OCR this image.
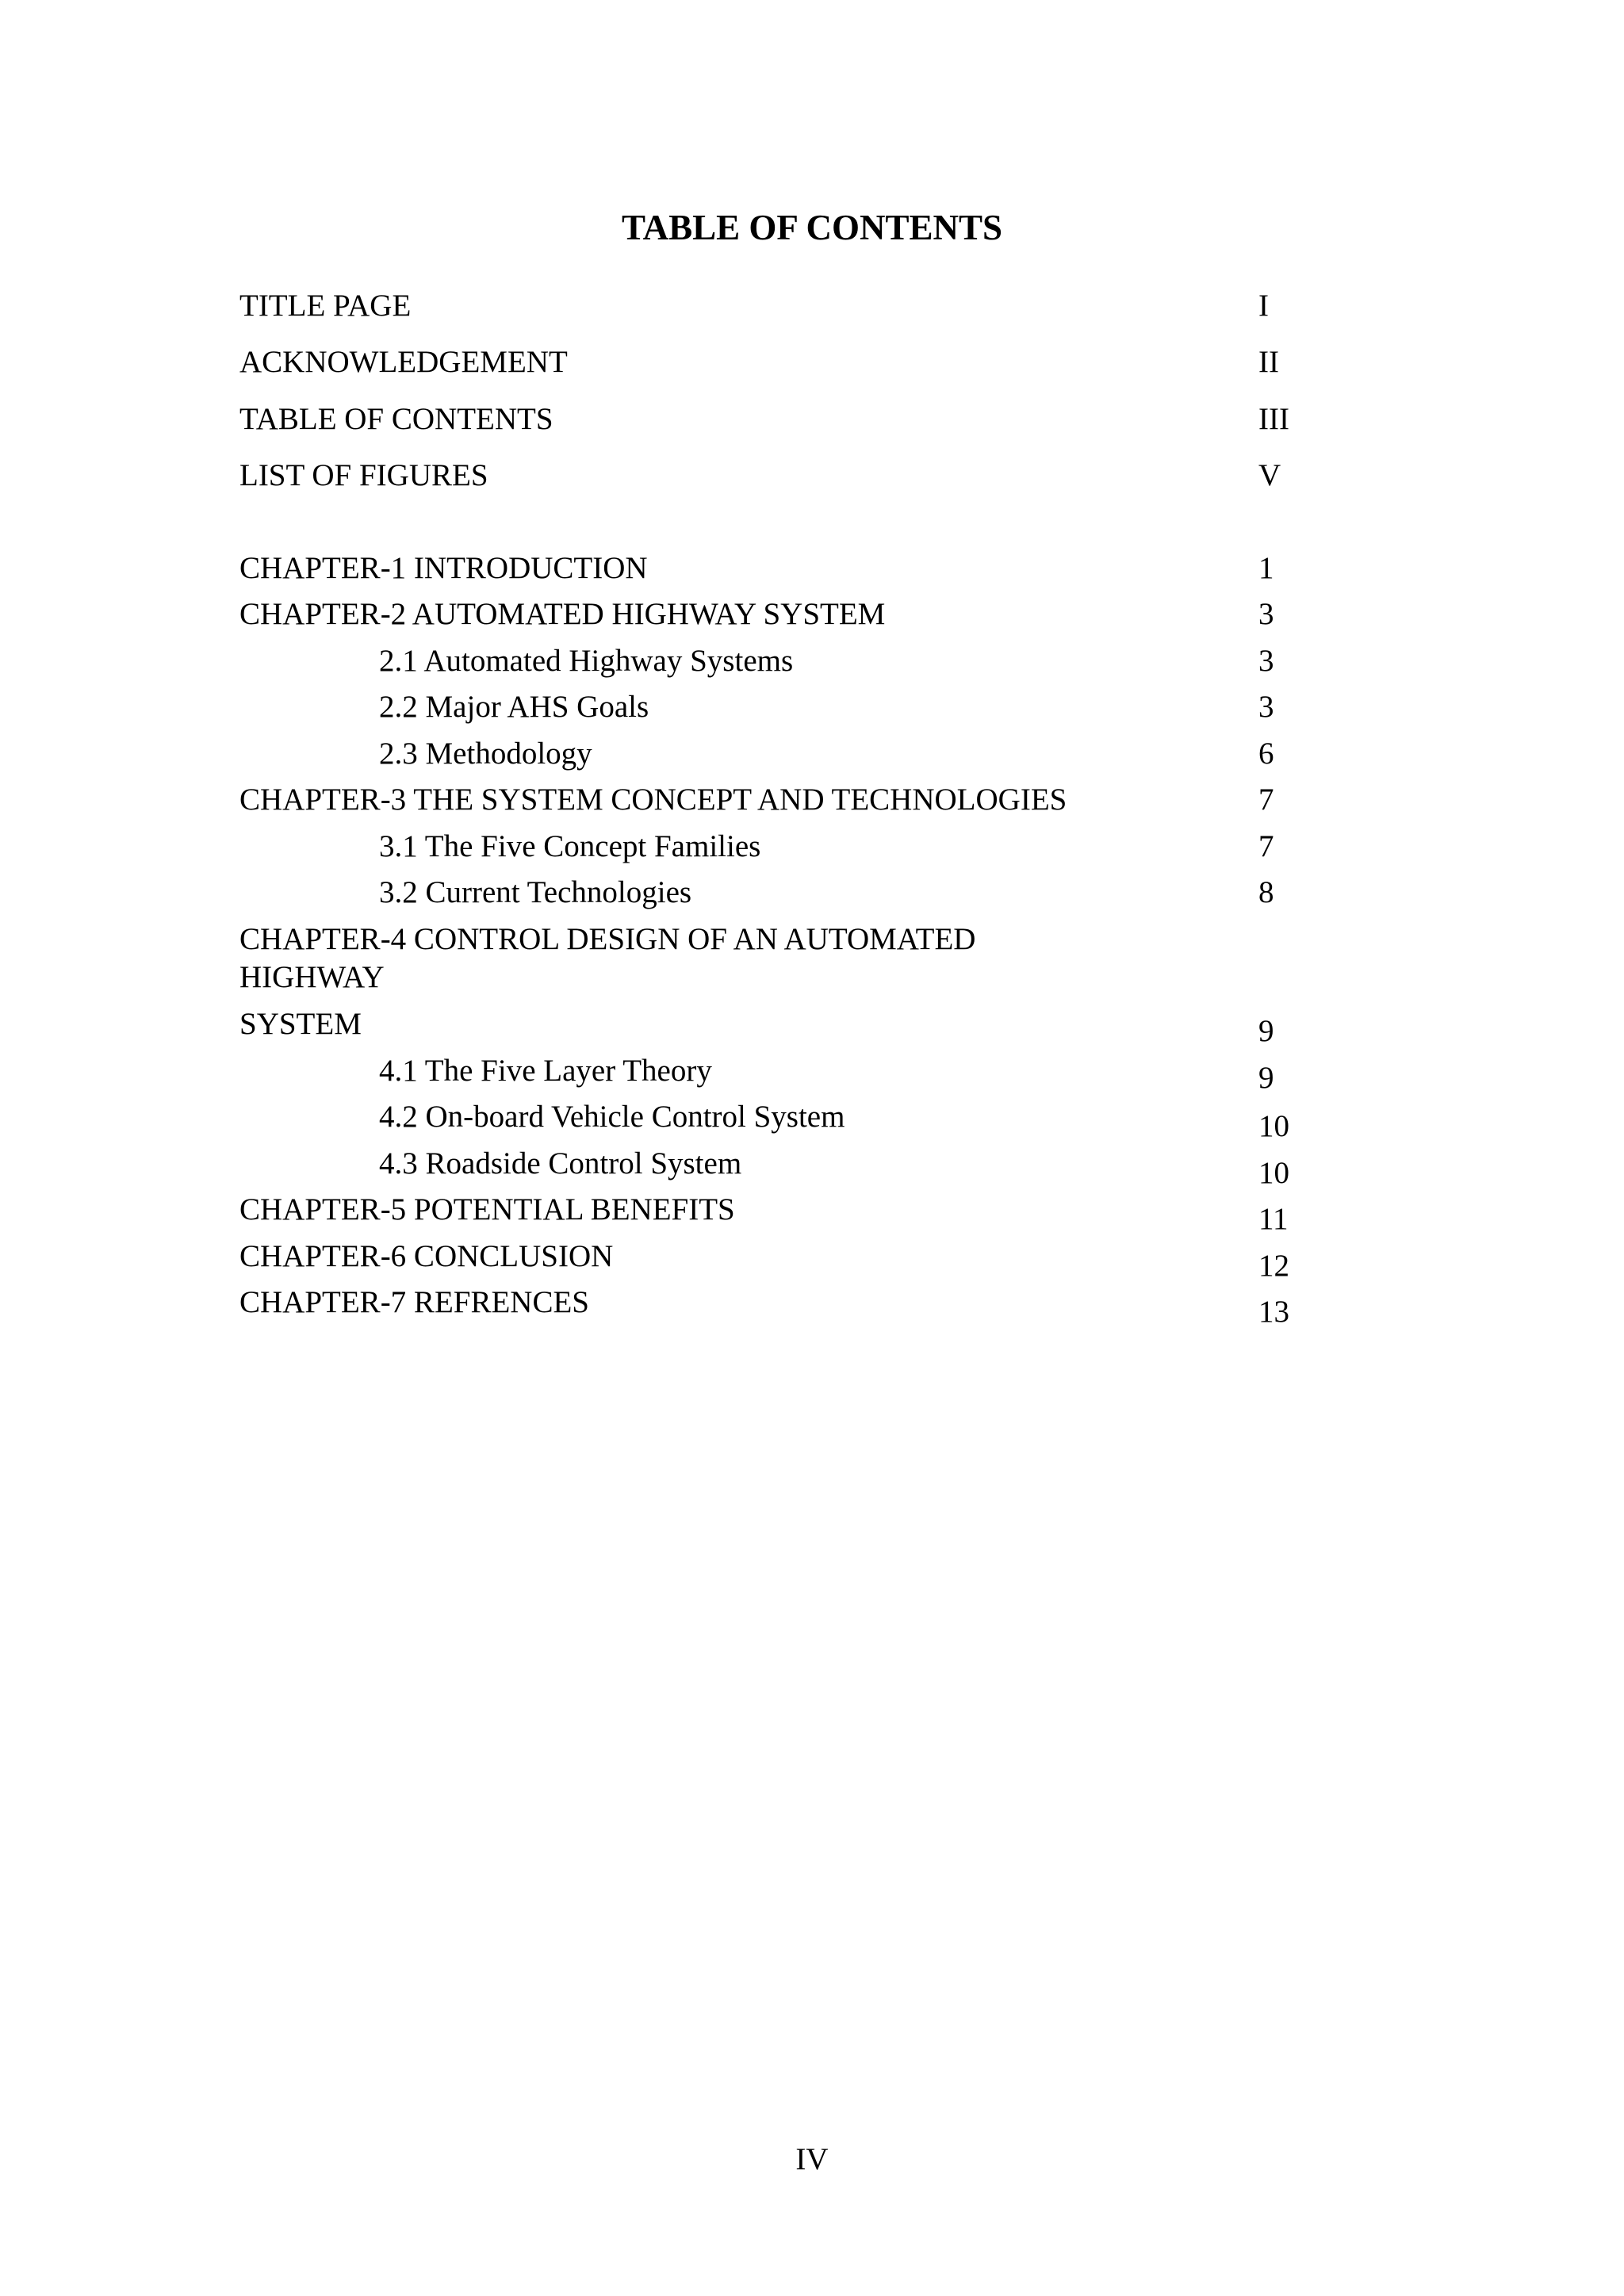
TABLE OF CONTENTS
TITLE PAGE	I
ACKNOWLEDGEMENT	II
TABLE OF CONTENTS	III
LIST OF FIGURES	V
CHAPTER-1 INTRODUCTION	1
CHAPTER-2 AUTOMATED HIGHWAY SYSTEM	3
2.1 Automated Highway Systems	3
2.2 Major AHS Goals	3
2.3 Methodology	6
CHAPTER-3 THE SYSTEM CONCEPT AND TECHNOLOGIES	7
3.1 The Five Concept Families	7
3.2 Current Technologies	8
CHAPTER-4 CONTROL DESIGN OF AN AUTOMATED
HIGHWAY
SYSTEM	9
4.1 The Five Layer Theory	9
4.2 On-board Vehicle Control System	10
4.3 Roadside Control System	10
CHAPTER-5 POTENTIAL BENEFITS	11
CHAPTER-6 CONCLUSION	12
CHAPTER-7 REFRENCES	13
IV
